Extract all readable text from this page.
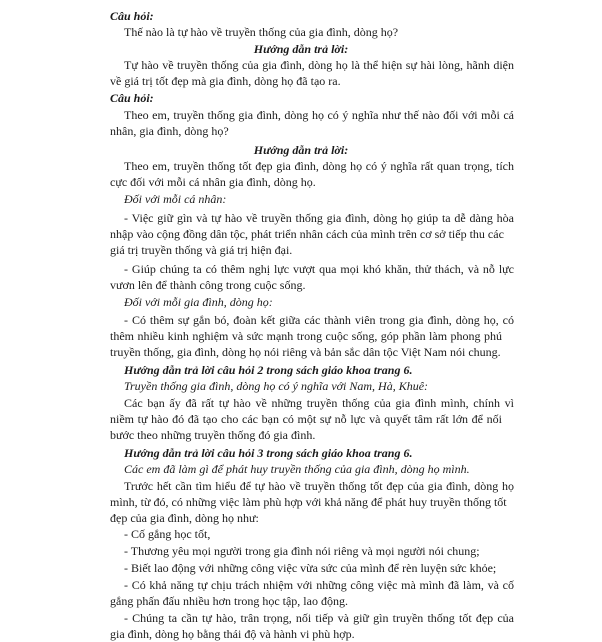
Câu hỏi:

Thế nào là tự hào về truyền thống của gia đình, dòng họ?

Hướng dẫn trả lời:

Tự hào về truyền thống của gia đình, dòng họ là thể hiện sự hài lòng, hãnh diện

về giá trị tốt đẹp mà gia đình, dòng họ đã tạo ra.

Câu hỏi:

Theo em, truyền thống gia đình, dòng họ có ý nghĩa như thế nào đối với mỗi cá

nhân, gia đình, dòng họ?

Hướng dẫn trả lời:

Theo em, truyền thống tốt đẹp gia đình, dòng họ có ý nghĩa rất quan trọng, tích

cực đối với mỗi cá nhân gia đình, dòng họ.

Đối với mỗi cá nhân:

- Việc giữ gìn và tự hào về truyền thống gia đình, dòng họ giúp ta dễ dàng hòa

nhập vào cộng đồng dân tộc, phát triển nhân cách của mình trên cơ sở tiếp thu các

giá trị truyền thống và giá trị hiện đại.

- Giúp chúng ta có thêm nghị lực vượt qua mọi khó khăn, thử thách, và nỗ lực

vươn lên để thành công trong cuộc sống.

Đối với mỗi gia đình, dòng họ:

- Có thêm sự gắn bó, đoàn kết giữa các thành viên trong gia đình, dòng họ, có

thêm nhiều kinh nghiệm và sức mạnh trong cuộc sống, góp phần làm phong phú

truyền thống, gia đình, dòng họ nói riêng và bản sắc dân tộc Việt Nam nói chung.

Hướng dẫn trả lời câu hỏi 2 trong sách giáo khoa trang 6.

Truyền thống gia đình, dòng họ có ý nghĩa với Nam, Hà, Khuê:

Các bạn ấy đã rất tự hào về những truyền thống của gia đình mình, chính vì

niềm tự hào đó đã tạo cho các bạn có một sự nỗ lực và quyết tâm rất lớn để nối

bước theo những truyền thống đó gia đình.

Hướng dẫn trả lời câu hỏi 3 trong sách giáo khoa trang 6.

Các em đã làm gì để phát huy truyền thống của gia đình, dòng họ mình.

Trước hết cần tìm hiểu để tự hào về truyền thống tốt đẹp của gia đình, dòng họ

mình, từ đó, có những việc làm phù hợp với khả năng để phát huy truyền thống tốt

đẹp của gia đình, dòng họ như:

- Cố gắng học tốt,

- Thương yêu mọi người trong gia đình nói riêng và mọi người nói chung;

- Biết lao động với những công việc vừa sức của mình để rèn luyện sức khỏe;

- Có khả năng tự chịu trách nhiệm với những công việc mà mình đã làm, và cố

gắng phấn đấu nhiều hơn trong học tập, lao động.

- Chúng ta cần tự hào, trân trọng, nối tiếp và giữ gìn truyền thống tốt đẹp của

gia đình, dòng họ bằng thái độ và hành vi phù hợp.
